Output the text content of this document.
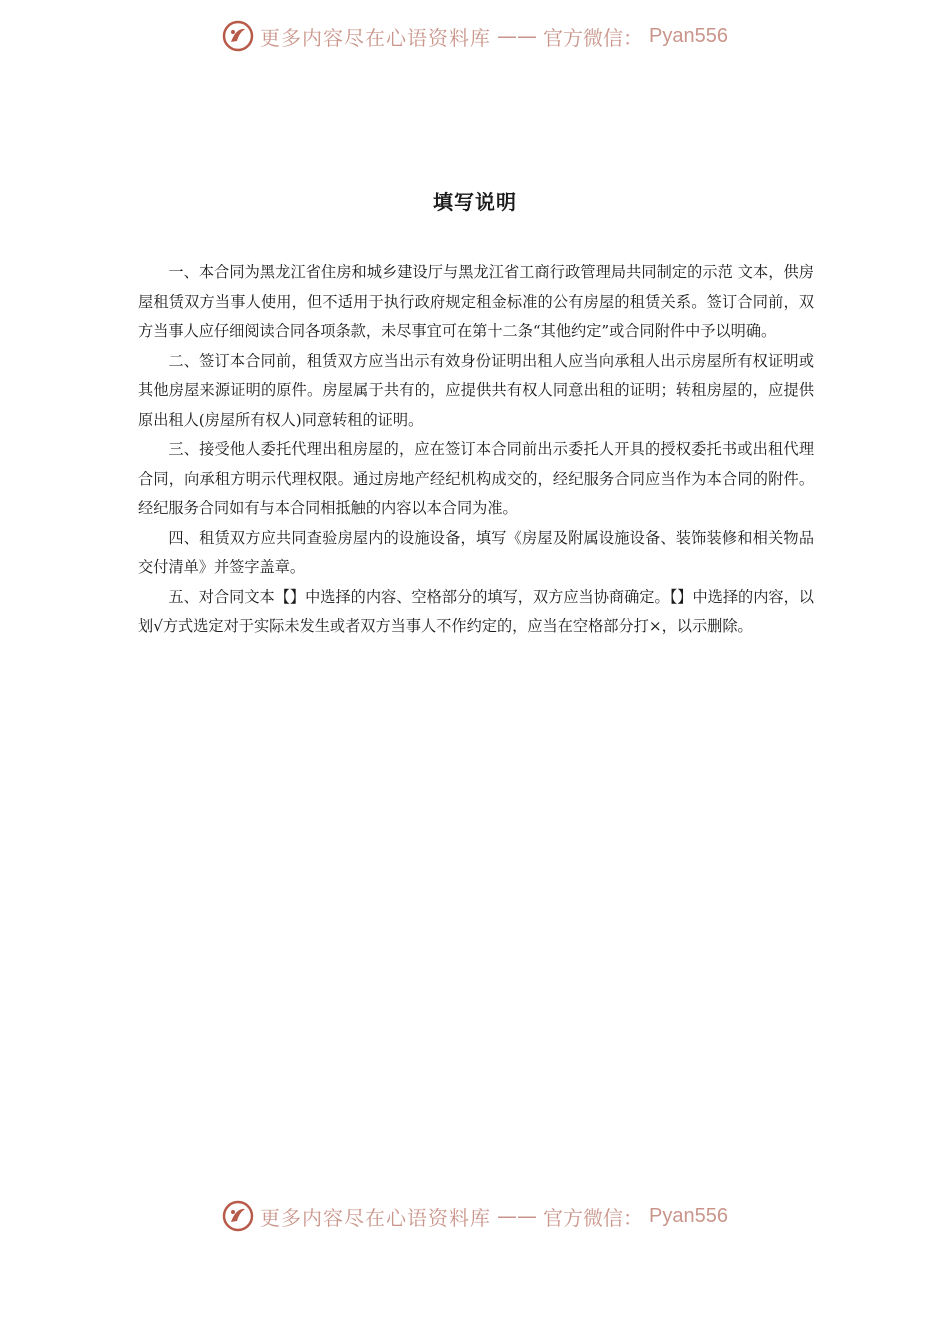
更多内容尽在心语资料库 —— 官方微信： Pyan556
填写说明

一、本合同为黑龙江省住房和城乡建设厅与黑龙江省工商行政管理局共同制定的示范 文本，供房屋租赁双方当事人使用，但不适用于执行政府规定租金标准的公有房屋的租赁关系。签订合同前，双方当事人应仔细阅读合同各项条款，未尽事宜可在第十二条“其他约定”或合同附件中予以明确。

二、签订本合同前，租赁双方应当出示有效身份证明出租人应当向承租人出示房屋所有权证明或其他房屋来源证明的原件。房屋属于共有的，应提供共有权人同意出租的证明；转租房屋的，应提供原出租人(房屋所有权人)同意转租的证明。

三、接受他人委托代理出租房屋的，应在签订本合同前出示委托人开具的授权委托书或出租代理合同，向承租方明示代理权限。通过房地产经纪机构成交的，经纪服务合同应当作为本合同的附件。经纪服务合同如有与本合同相抵触的内容以本合同为准。

四、租赁双方应共同查验房屋内的设施设备，填写《房屋及附属设施设备、装饰装修和相关物品交付清单》并签字盖章。

五、对合同文本【】中选择的内容、空格部分的填写，双方应当协商确定。【】中选择的内容，以划√方式选定对于实际未发生或者双方当事人不作约定的，应当在空格部分打×，以示删除。

更多内容尽在心语资料库 —— 官方微信： Pyan556
